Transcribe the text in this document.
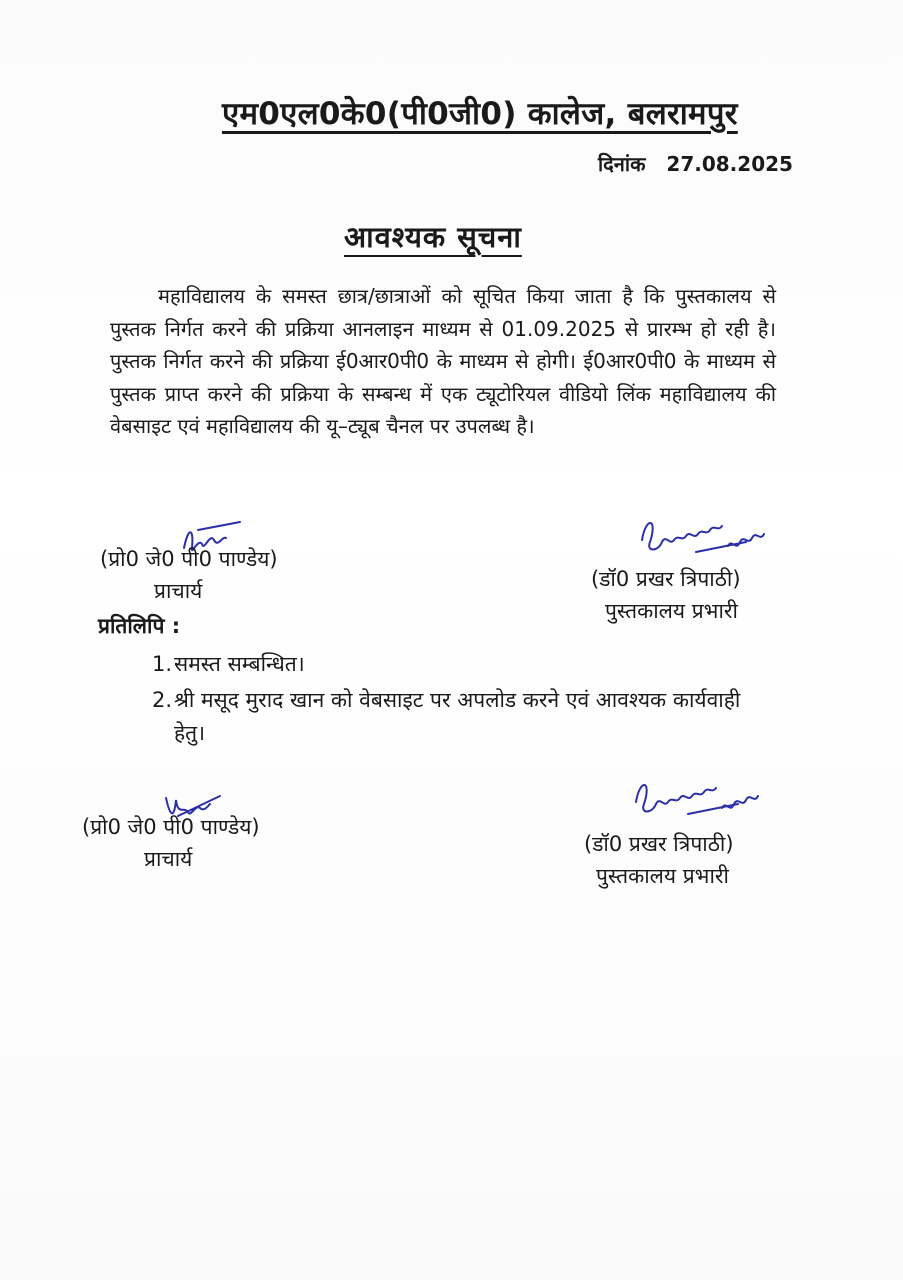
एम0एल0के0(पी0जी0) कालेज, बलरामपुर
दिनांक 27.08.2025
आवश्यक सूचना
महाविद्यालय के समस्त छात्र/छात्राओं को सूचित किया जाता है कि पुस्तकालय से पुस्तक निर्गत करने की प्रक्रिया आनलाइन माध्यम से 01.09.2025 से प्रारम्भ हो रही है। पुस्तक निर्गत करने की प्रक्रिया ई0आर0पी0 के माध्यम से होगी। ई0आर0पी0 के माध्यम से पुस्तक प्राप्त करने की प्रक्रिया के सम्बन्ध में एक ट्यूटोरियल वीडियो लिंक महाविद्यालय की वेबसाइट एवं महाविद्यालय की यू–ट्यूब चैनल पर उपलब्ध है।
(प्रो0 जे0 पी0 पाण्डेय)
प्राचार्य	(डॉ0 प्रखर त्रिपाठी)
पुस्तकालय प्रभारी
प्रतिलिपि :
1. समस्त सम्बन्धित।
2. श्री मसूद मुराद खान को वेबसाइट पर अपलोड करने एवं आवश्यक कार्यवाही हेतु।
(प्रो0 जे0 पी0 पाण्डेय)
प्राचार्य
(डॉ0 प्रखर त्रिपाठी)
पुस्तकालय प्रभारी
